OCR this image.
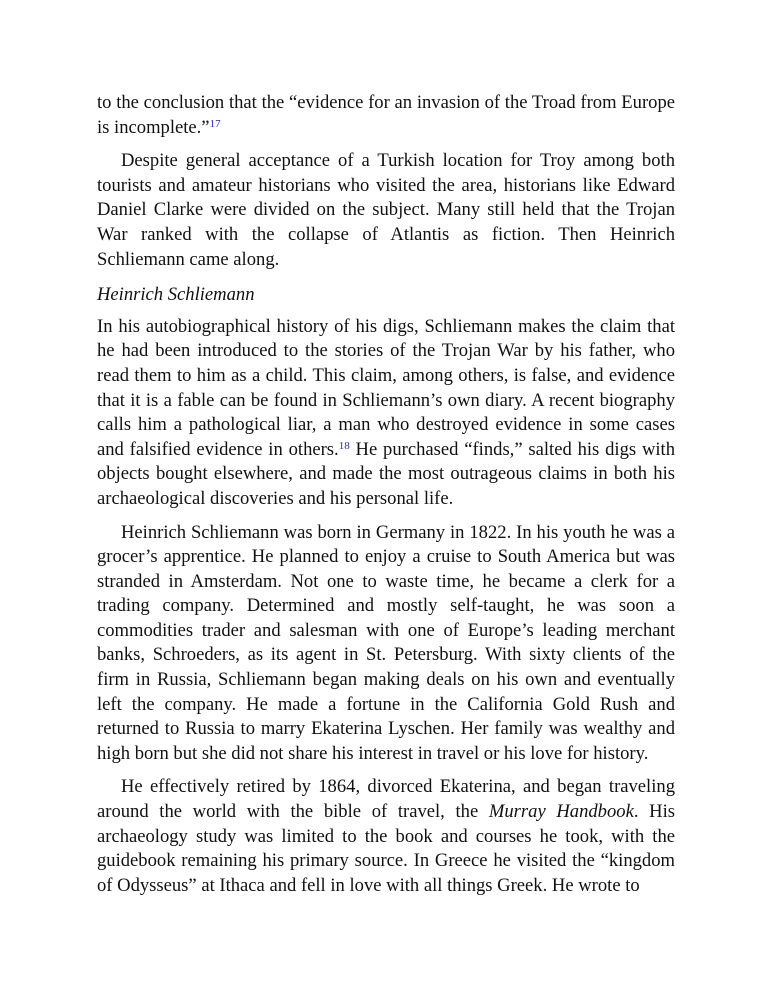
to the conclusion that the “evidence for an invasion of the Troad from Europe is incomplete.”$^{17}$

Despite general acceptance of a Turkish location for Troy among both tourists and amateur historians who visited the area, historians like Edward Daniel Clarke were divided on the subject. Many still held that the Trojan War ranked with the collapse of Atlantis as fiction. Then Heinrich Schliemann came along.

Heinrich Schliemann

In his autobiographical history of his digs, Schliemann makes the claim that he had been introduced to the stories of the Trojan War by his father, who read them to him as a child. This claim, among others, is false, and evidence that it is a fable can be found in Schliemann’s own diary. A recent biography calls him a pathological liar, a man who destroyed evidence in some cases and falsified evidence in others.$^{18}$ He purchased “finds,” salted his digs with objects bought elsewhere, and made the most outrageous claims in both his archaeological discoveries and his personal life.

Heinrich Schliemann was born in Germany in 1822. In his youth he was a grocer’s apprentice. He planned to enjoy a cruise to South America but was stranded in Amsterdam. Not one to waste time, he became a clerk for a trading company. Determined and mostly self-taught, he was soon a commodities trader and salesman with one of Europe’s leading merchant banks, Schroeders, as its agent in St. Petersburg. With sixty clients of the firm in Russia, Schliemann began making deals on his own and eventually left the company. He made a fortune in the California Gold Rush and returned to Russia to marry Ekaterina Lyschen. Her family was wealthy and high born but she did not share his interest in travel or his love for history.

He effectively retired by 1864, divorced Ekaterina, and began traveling around the world with the bible of travel, the Murray Handbook. His archaeology study was limited to the book and courses he took, with the guidebook remaining his primary source. In Greece he visited the “kingdom of Odysseus” at Ithaca and fell in love with all things Greek. He wrote to
